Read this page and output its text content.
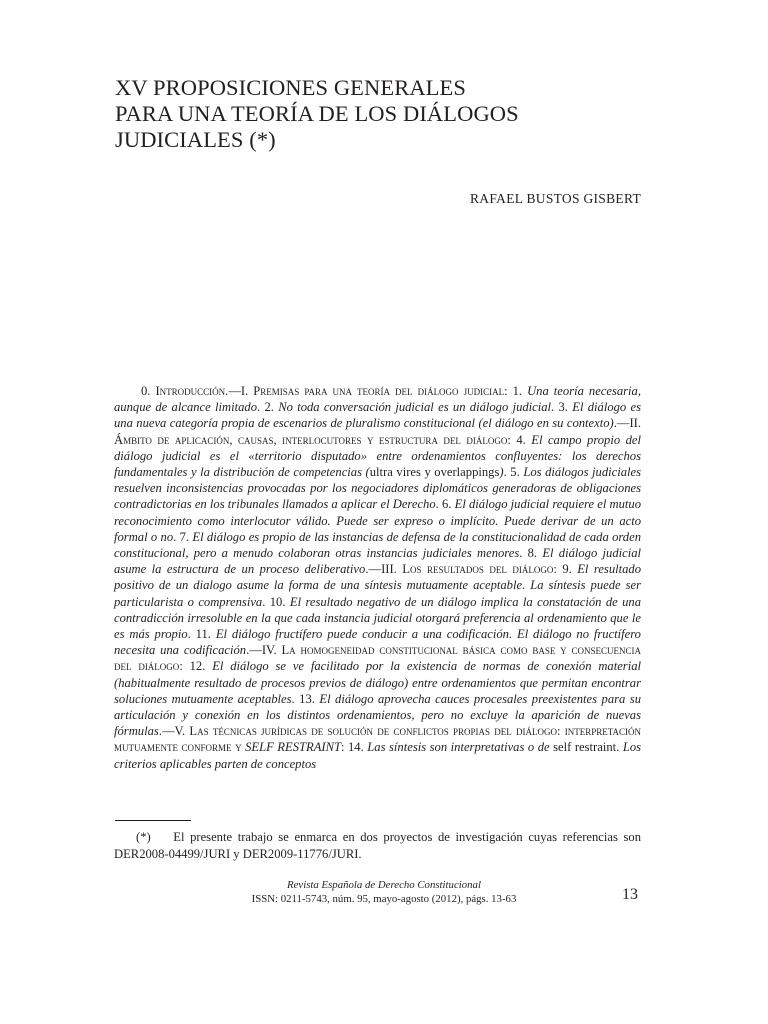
XV PROPOSICIONES GENERALES
PARA UNA TEORÍA DE LOS DIÁLOGOS
JUDICIALES (*)
RAFAEL BUSTOS GISBERT
0. Introducción.—I. Premisas para una teoría del diálogo judicial: 1. Una teoría necesaria, aunque de alcance limitado. 2. No toda conversación judicial es un diálogo judicial. 3. El diálogo es una nueva categoría propia de escenarios de pluralismo constitucional (el diálogo en su contexto).—II. Ámbito de aplicación, causas, interlocutores y estructura del diálogo: 4. El campo propio del diálogo judicial es el «territorio disputado» entre ordenamientos confluyentes: los derechos fundamentales y la distribución de competencias (ultra vires y overlappings). 5. Los diálogos judiciales resuelven inconsistencias provocadas por los negociadores diplomáticos generadoras de obligaciones contradictorias en los tribunales llamados a aplicar el Derecho. 6. El diálogo judicial requiere el mutuo reconocimiento como interlocutor válido. Puede ser expreso o implícito. Puede derivar de un acto formal o no. 7. El diálogo es propio de las instancias de defensa de la constitucionalidad de cada orden constitucional, pero a menudo colaboran otras instancias judiciales menores. 8. El diálogo judicial asume la estructura de un proceso deliberativo.—III. Los resultados del diálogo: 9. El resultado positivo de un dialogo asume la forma de una síntesis mutuamente aceptable. La síntesis puede ser particularista o comprensiva. 10. El resultado negativo de un diálogo implica la constatación de una contradicción irresoluble en la que cada instancia judicial otorgará preferencia al ordenamiento que le es más propio. 11. El diálogo fructífero puede conducir a una codificación. El diálogo no fructífero necesita una codificación.—IV. La homogeneidad constitucional básica como base y consecuencia del diálogo: 12. El diálogo se ve facilitado por la existencia de normas de conexión material (habitualmente resultado de procesos previos de diálogo) entre ordenamientos que permitan encontrar soluciones mutuamente aceptables. 13. El diálogo aprovecha cauces procesales preexistentes para su articulación y conexión en los distintos ordenamientos, pero no excluye la aparición de nuevas fórmulas.—V. Las técnicas jurídicas de solución de conflictos propias del diálogo: interpretación mutuamente conforme y SELF RESTRAINT: 14. Las síntesis son interpretativas o de self restraint. Los criterios aplicables parten de conceptos
(*) El presente trabajo se enmarca en dos proyectos de investigación cuyas referencias son
DER2008-04499/JURI y DER2009-11776/JURI.
Revista Española de Derecho Constitucional
ISSN: 0211-5743, núm. 95, mayo-agosto (2012), págs. 13-63	13
